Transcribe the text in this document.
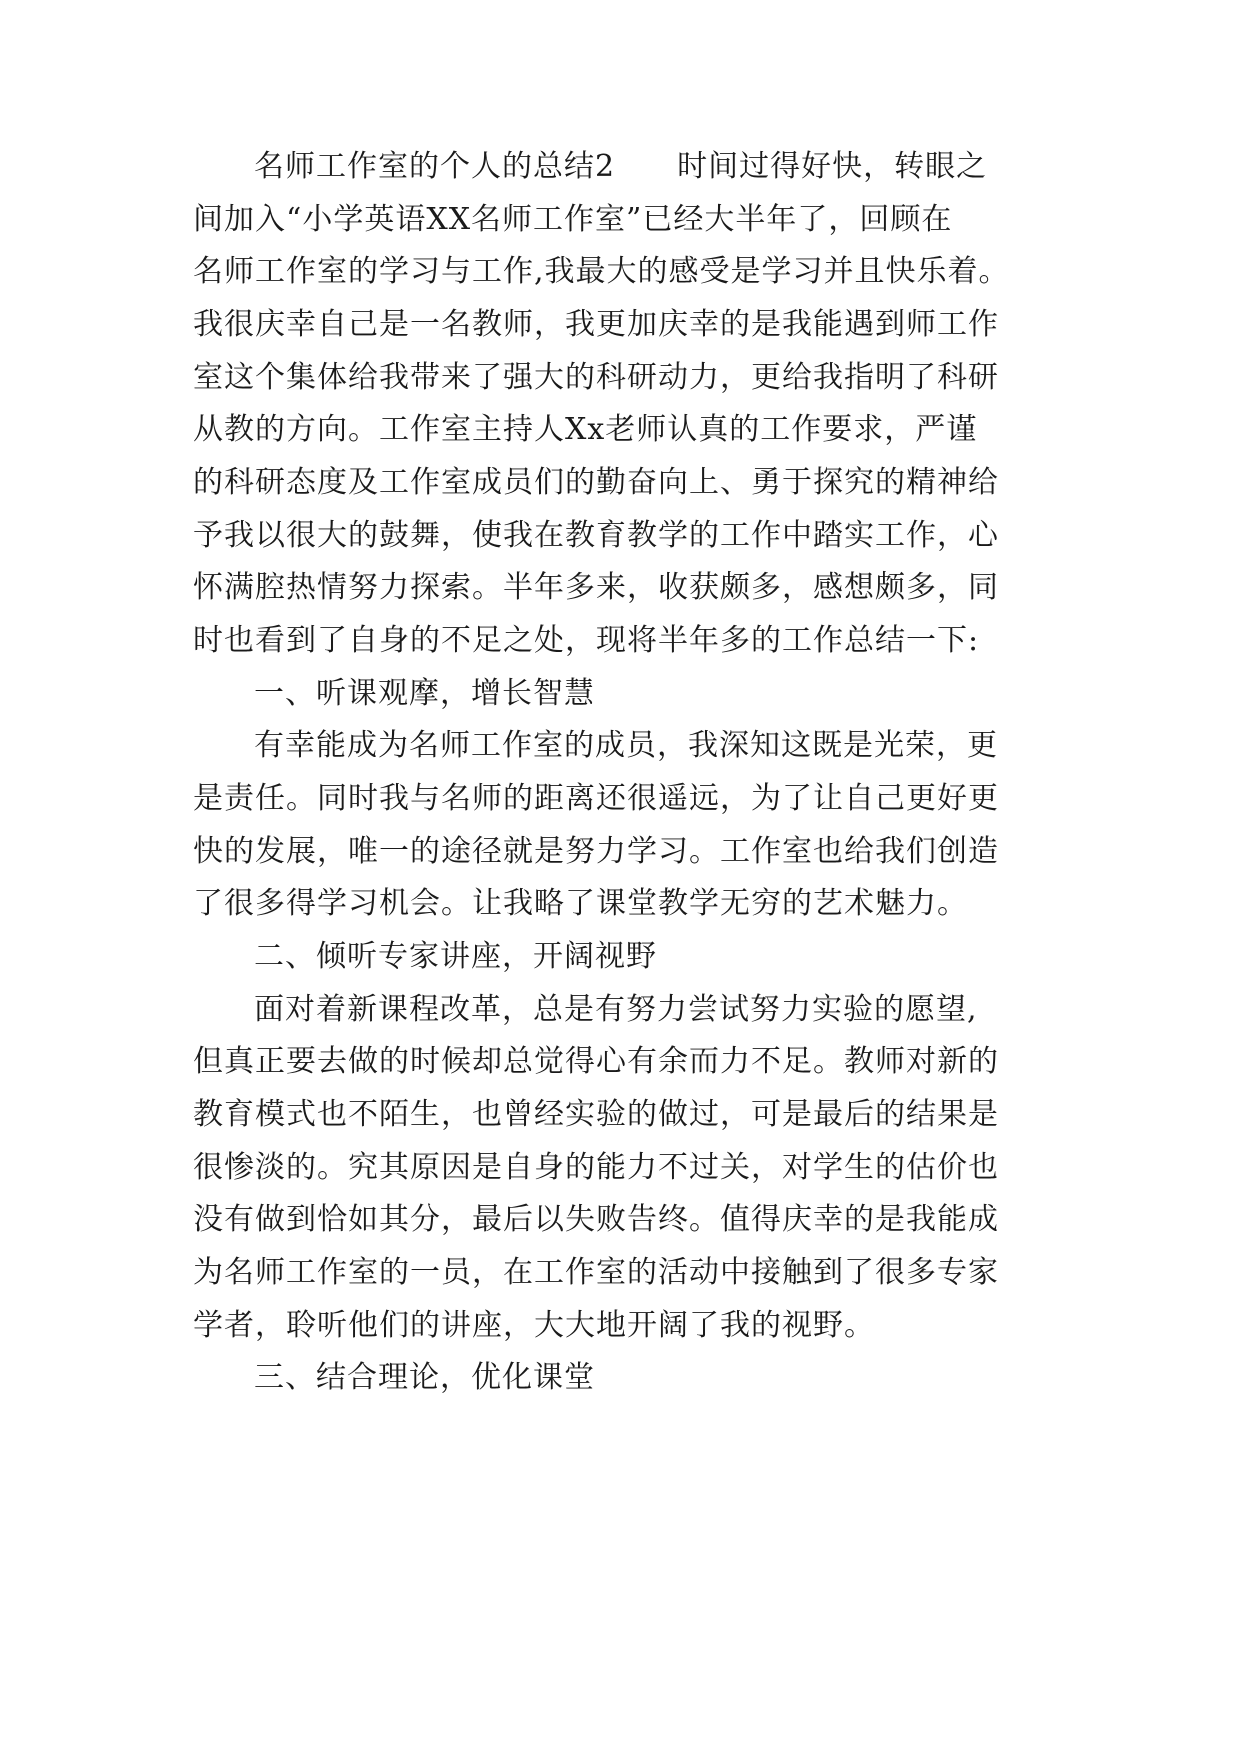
名师工作室的个人的总结2　　时间过得好快，转眼之
间加入“小学英语XX名师工作室”已经大半年了，回顾在
名师工作室的学习与工作,我最大的感受是学习并且快乐着。
我很庆幸自己是一名教师，我更加庆幸的是我能遇到师工作
室这个集体给我带来了强大的科研动力，更给我指明了科研
从教的方向。工作室主持人Xx老师认真的工作要求，严谨
的科研态度及工作室成员们的勤奋向上、勇于探究的精神给
予我以很大的鼓舞，使我在教育教学的工作中踏实工作，心
怀满腔热情努力探索。半年多来，收获颇多，感想颇多，同
时也看到了自身的不足之处，现将半年多的工作总结一下:
一、听课观摩，增长智慧
有幸能成为名师工作室的成员，我深知这既是光荣，更
是责任。同时我与名师的距离还很遥远，为了让自己更好更
快的发展，唯一的途径就是努力学习。工作室也给我们创造
了很多得学习机会。让我略了课堂教学无穷的艺术魅力。
二、倾听专家讲座，开阔视野
面对着新课程改革，总是有努力尝试努力实验的愿望,
但真正要去做的时候却总觉得心有余而力不足。教师对新的
教育模式也不陌生，也曾经实验的做过，可是最后的结果是
很惨淡的。究其原因是自身的能力不过关，对学生的估价也
没有做到恰如其分，最后以失败告终。值得庆幸的是我能成
为名师工作室的一员，在工作室的活动中接触到了很多专家
学者，聆听他们的讲座，大大地开阔了我的视野。
三、结合理论，优化课堂
